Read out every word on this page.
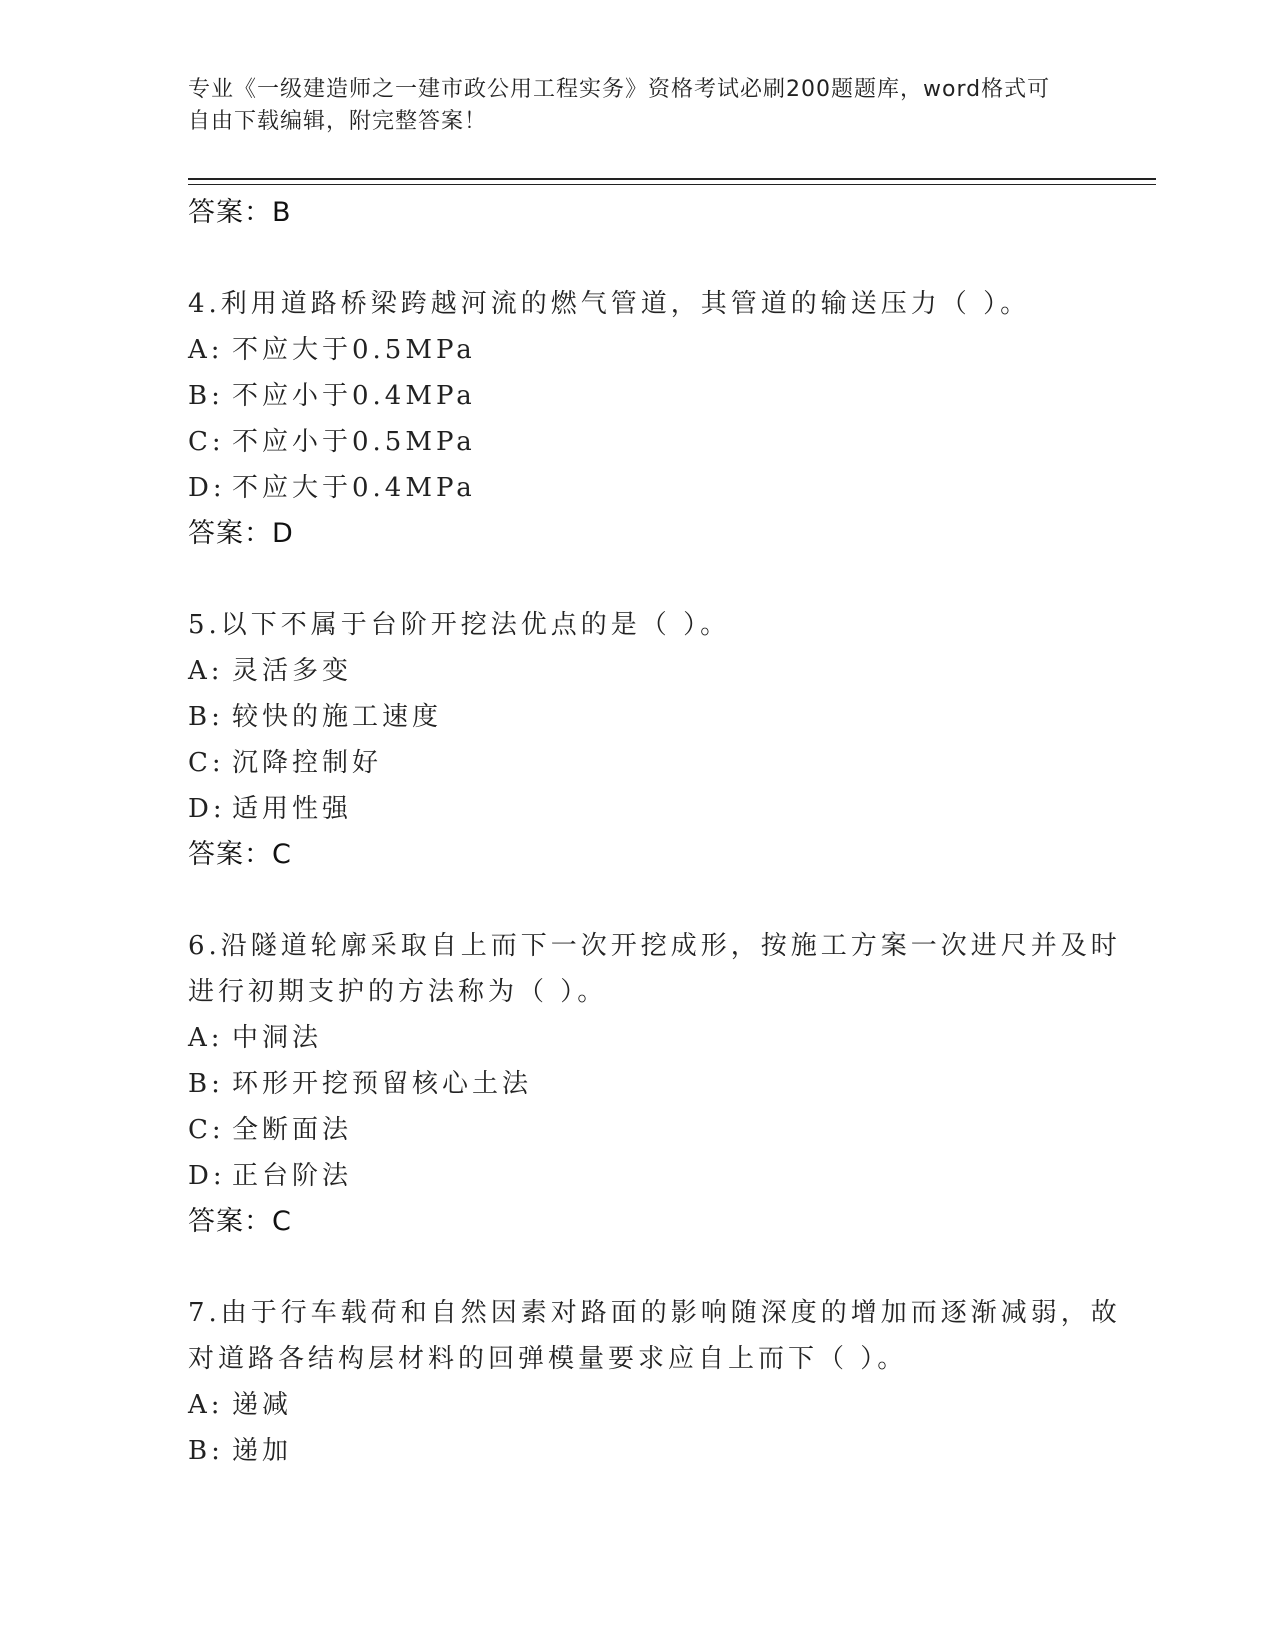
专业《一级建造师之一建市政公用工程实务》资格考试必刷200题题库，word格式可自由下载编辑，附完整答案！
答案：B
4.利用道路桥梁跨越河流的燃气管道，其管道的输送压力（ ）。
A: 不应大于0.5MPa
B: 不应小于0.4MPa
C: 不应小于0.5MPa
D: 不应大于0.4MPa
答案：D
5.以下不属于台阶开挖法优点的是（ ）。
A: 灵活多变
B: 较快的施工速度
C: 沉降控制好
D: 适用性强
答案：C
6.沿隧道轮廓采取自上而下一次开挖成形，按施工方案一次进尺并及时进行初期支护的方法称为（ ）。
A: 中洞法
B: 环形开挖预留核心土法
C: 全断面法
D: 正台阶法
答案：C
7.由于行车载荷和自然因素对路面的影响随深度的增加而逐渐减弱，故对道路各结构层材料的回弹模量要求应自上而下（ ）。
A: 递减
B: 递加
